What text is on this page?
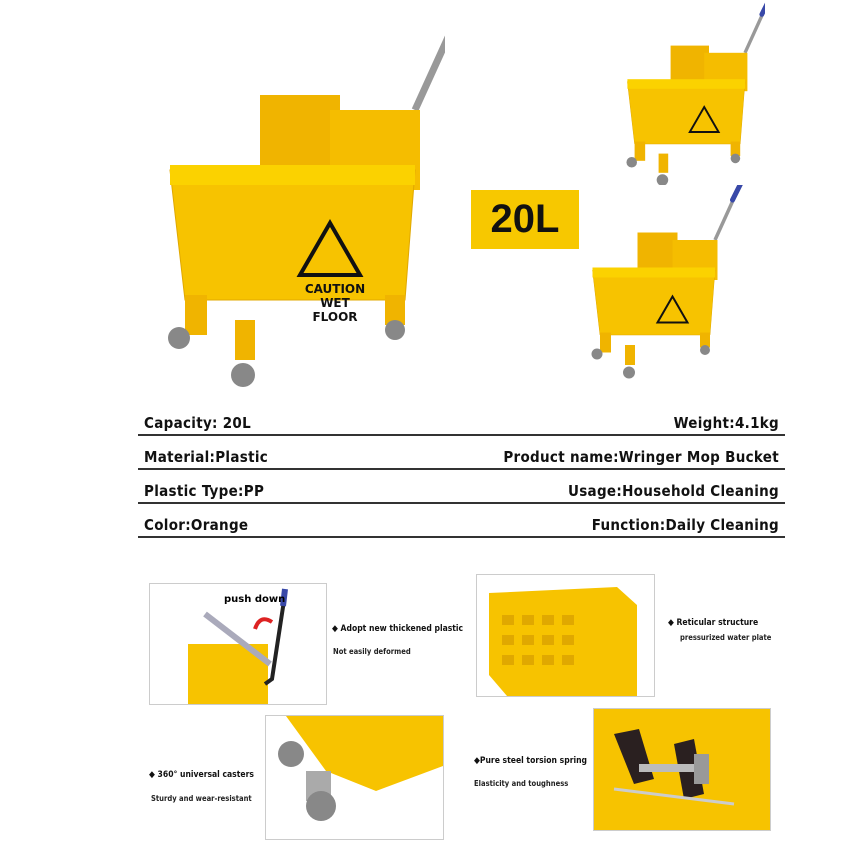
CAUTION
WET FLOOR
20L
Capacity: 20L	Weight:4.1kg
Material:Plastic	Product name:Wringer Mop Bucket
Plastic Type:PP	Usage:Household Cleaning
Color:Orange	Function:Daily Cleaning
push down
◆ Adopt new thickened plastic
Not easily deformed
◆ Reticular structure
pressurized water plate
◆ 360° universal casters
Sturdy and wear-resistant
◆Pure steel torsion spring
Elasticity and toughness
